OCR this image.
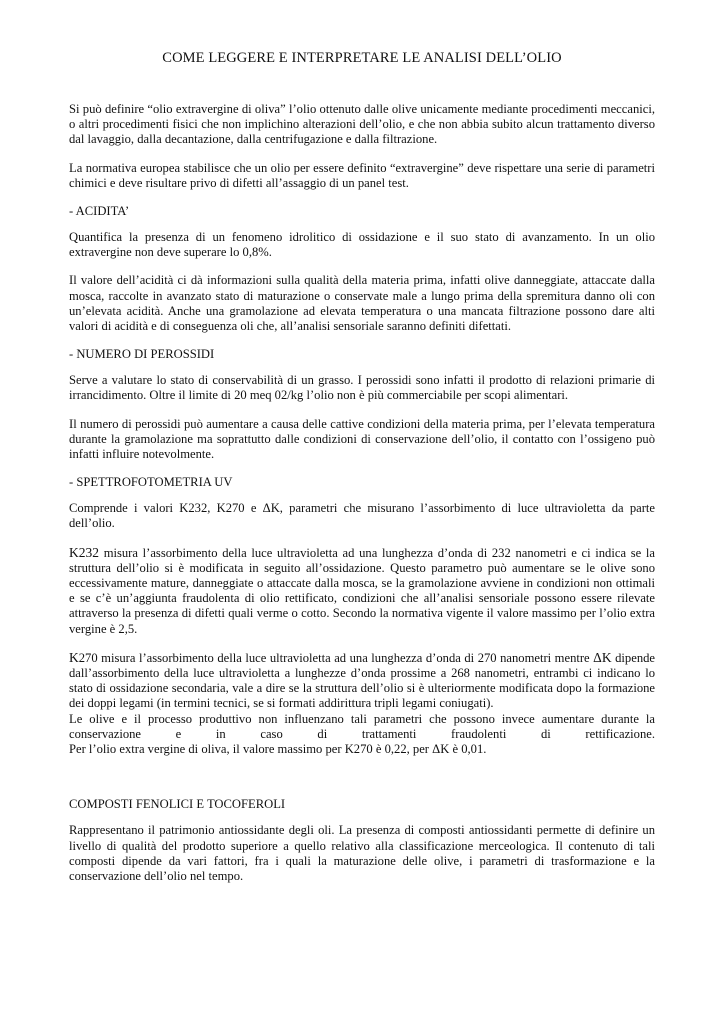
COME LEGGERE E INTERPRETARE LE ANALISI DELL’OLIO

Si può definire “olio extravergine di oliva” l’olio ottenuto dalle olive unicamente mediante procedimenti meccanici, o altri procedimenti fisici che non implichino alterazioni dell’olio, e che non abbia subito alcun trattamento diverso dal lavaggio, dalla decantazione, dalla centrifugazione e dalla filtrazione.

La normativa europea stabilisce che un olio per essere definito “extravergine” deve rispettare una serie di parametri chimici e deve risultare privo di difetti all’assaggio di un panel test.

- ACIDITA’

Quantifica la presenza di un fenomeno idrolitico di ossidazione e il suo stato di avanzamento. In un olio extravergine non deve superare lo 0,8%.

Il valore dell’acidità ci dà informazioni sulla qualità della materia prima, infatti olive danneggiate, attaccate dalla mosca, raccolte in avanzato stato di maturazione o conservate male a lungo prima della spremitura danno oli con un’elevata acidità. Anche una gramolazione ad elevata temperatura o una mancata filtrazione possono dare alti valori di acidità e di conseguenza oli che, all’analisi sensoriale saranno definiti difettati.

- NUMERO DI PEROSSIDI

Serve a valutare lo stato di conservabilità di un grasso. I perossidi sono infatti il prodotto di relazioni primarie di irrancidimento. Oltre il limite di 20 meq 02/kg l’olio non è più commerciabile per scopi alimentari.

Il numero di perossidi può aumentare a causa delle cattive condizioni della materia prima, per l’elevata temperatura durante la gramolazione ma soprattutto dalle condizioni di conservazione dell’olio, il contatto con l’ossigeno può infatti influire notevolmente.

- SPETTROFOTOMETRIA UV

Comprende i valori K232, K270 e ΔK, parametri che misurano l’assorbimento di luce ultravioletta da parte dell’olio.

K232 misura l’assorbimento della luce ultravioletta ad una lunghezza d’onda di 232 nanometri e ci indica se la struttura dell’olio si è modificata in seguito all’ossidazione. Questo parametro può aumentare se le olive sono eccessivamente mature, danneggiate o attaccate dalla mosca, se la gramolazione avviene in condizioni non ottimali e se c’è un’aggiunta fraudolenta di olio rettificato, condizioni che all’analisi sensoriale possono essere rilevate attraverso la presenza di difetti quali verme o cotto. Secondo la normativa vigente il valore massimo per l’olio extra vergine è 2,5.

K270 misura l’assorbimento della luce ultravioletta ad una lunghezza d’onda di 270 nanometri mentre ΔK dipende dall’assorbimento della luce ultravioletta a lunghezze d’onda prossime a 268 nanometri, entrambi ci indicano lo stato di ossidazione secondaria, vale a dire se la struttura dell’olio si è ulteriormente modificata dopo la formazione dei doppi legami (in termini tecnici, se si formati addirittura tripli legami coniugati).

Le olive e il processo produttivo non influenzano tali parametri che possono invece aumentare durante la conservazione e in caso di trattamenti fraudolenti di rettificazione.

Per l’olio extra vergine di oliva, il valore massimo per K270 è 0,22, per ΔK è 0,01.

COMPOSTI FENOLICI E TOCOFEROLI

Rappresentano il patrimonio antiossidante degli oli. La presenza di composti antiossidanti permette di definire un livello di qualità del prodotto superiore a quello relativo alla classificazione merceologica. Il contenuto di tali composti dipende da vari fattori, fra i quali la maturazione delle olive, i parametri di trasformazione e la conservazione dell’olio nel tempo.
